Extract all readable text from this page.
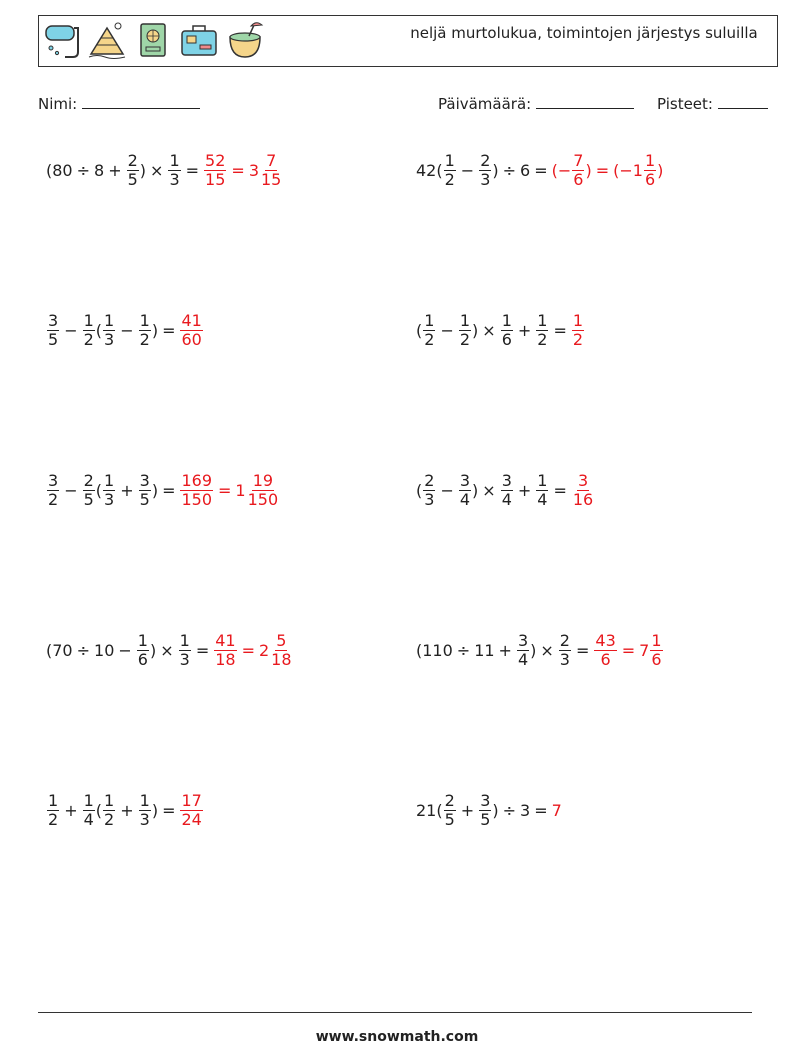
neljä murtolukua, toimintojen järjestys suluilla
Nimi:	Päivämäärä:	Pisteet:
($80 \div 8 + \frac{2}{5}$ ) × $\frac{1}{3} = \frac{52}{15} = 3 \frac{7}{15}$	$42( \frac{1}{2} - \frac{2}{3}$ ) ÷ 6 = (− $\frac{7}{6}$ ) = ($-1 \frac{1}{6}$ )
$\frac{3}{5} - \frac{1}{2}$ ( $\frac{1}{3} - \frac{1}{2}$ ) = $\frac{41}{60}$	( $\frac{1}{2} - \frac{1}{2}$ ) × $\frac{1}{6} + \frac{1}{2} = \frac{1}{2}$
$\frac{3}{2} - \frac{2}{5}$ ( $\frac{1}{3} + \frac{3}{5}$ ) = $\frac{169}{150} = 1 \frac{19}{150}$	( $\frac{2}{3} - \frac{3}{4}$ ) × $\frac{3}{4} + \frac{1}{4} = \frac{3}{16}$
($70 \div 10 - \frac{1}{6}$ ) × $\frac{1}{3} = \frac{41}{18} = 2 \frac{5}{18}$	($110 \div 11 + \frac{3}{4}$ ) × $\frac{2}{3} = \frac{43}{6} = 7 \frac{1}{6}$
$\frac{1}{2} + \frac{1}{4}$ ( $\frac{1}{2} + \frac{1}{3}$ ) = $\frac{17}{24}$	$21( \frac{2}{5} + \frac{3}{5}$ ) ÷ 3 = 7
www.snowmath.com
